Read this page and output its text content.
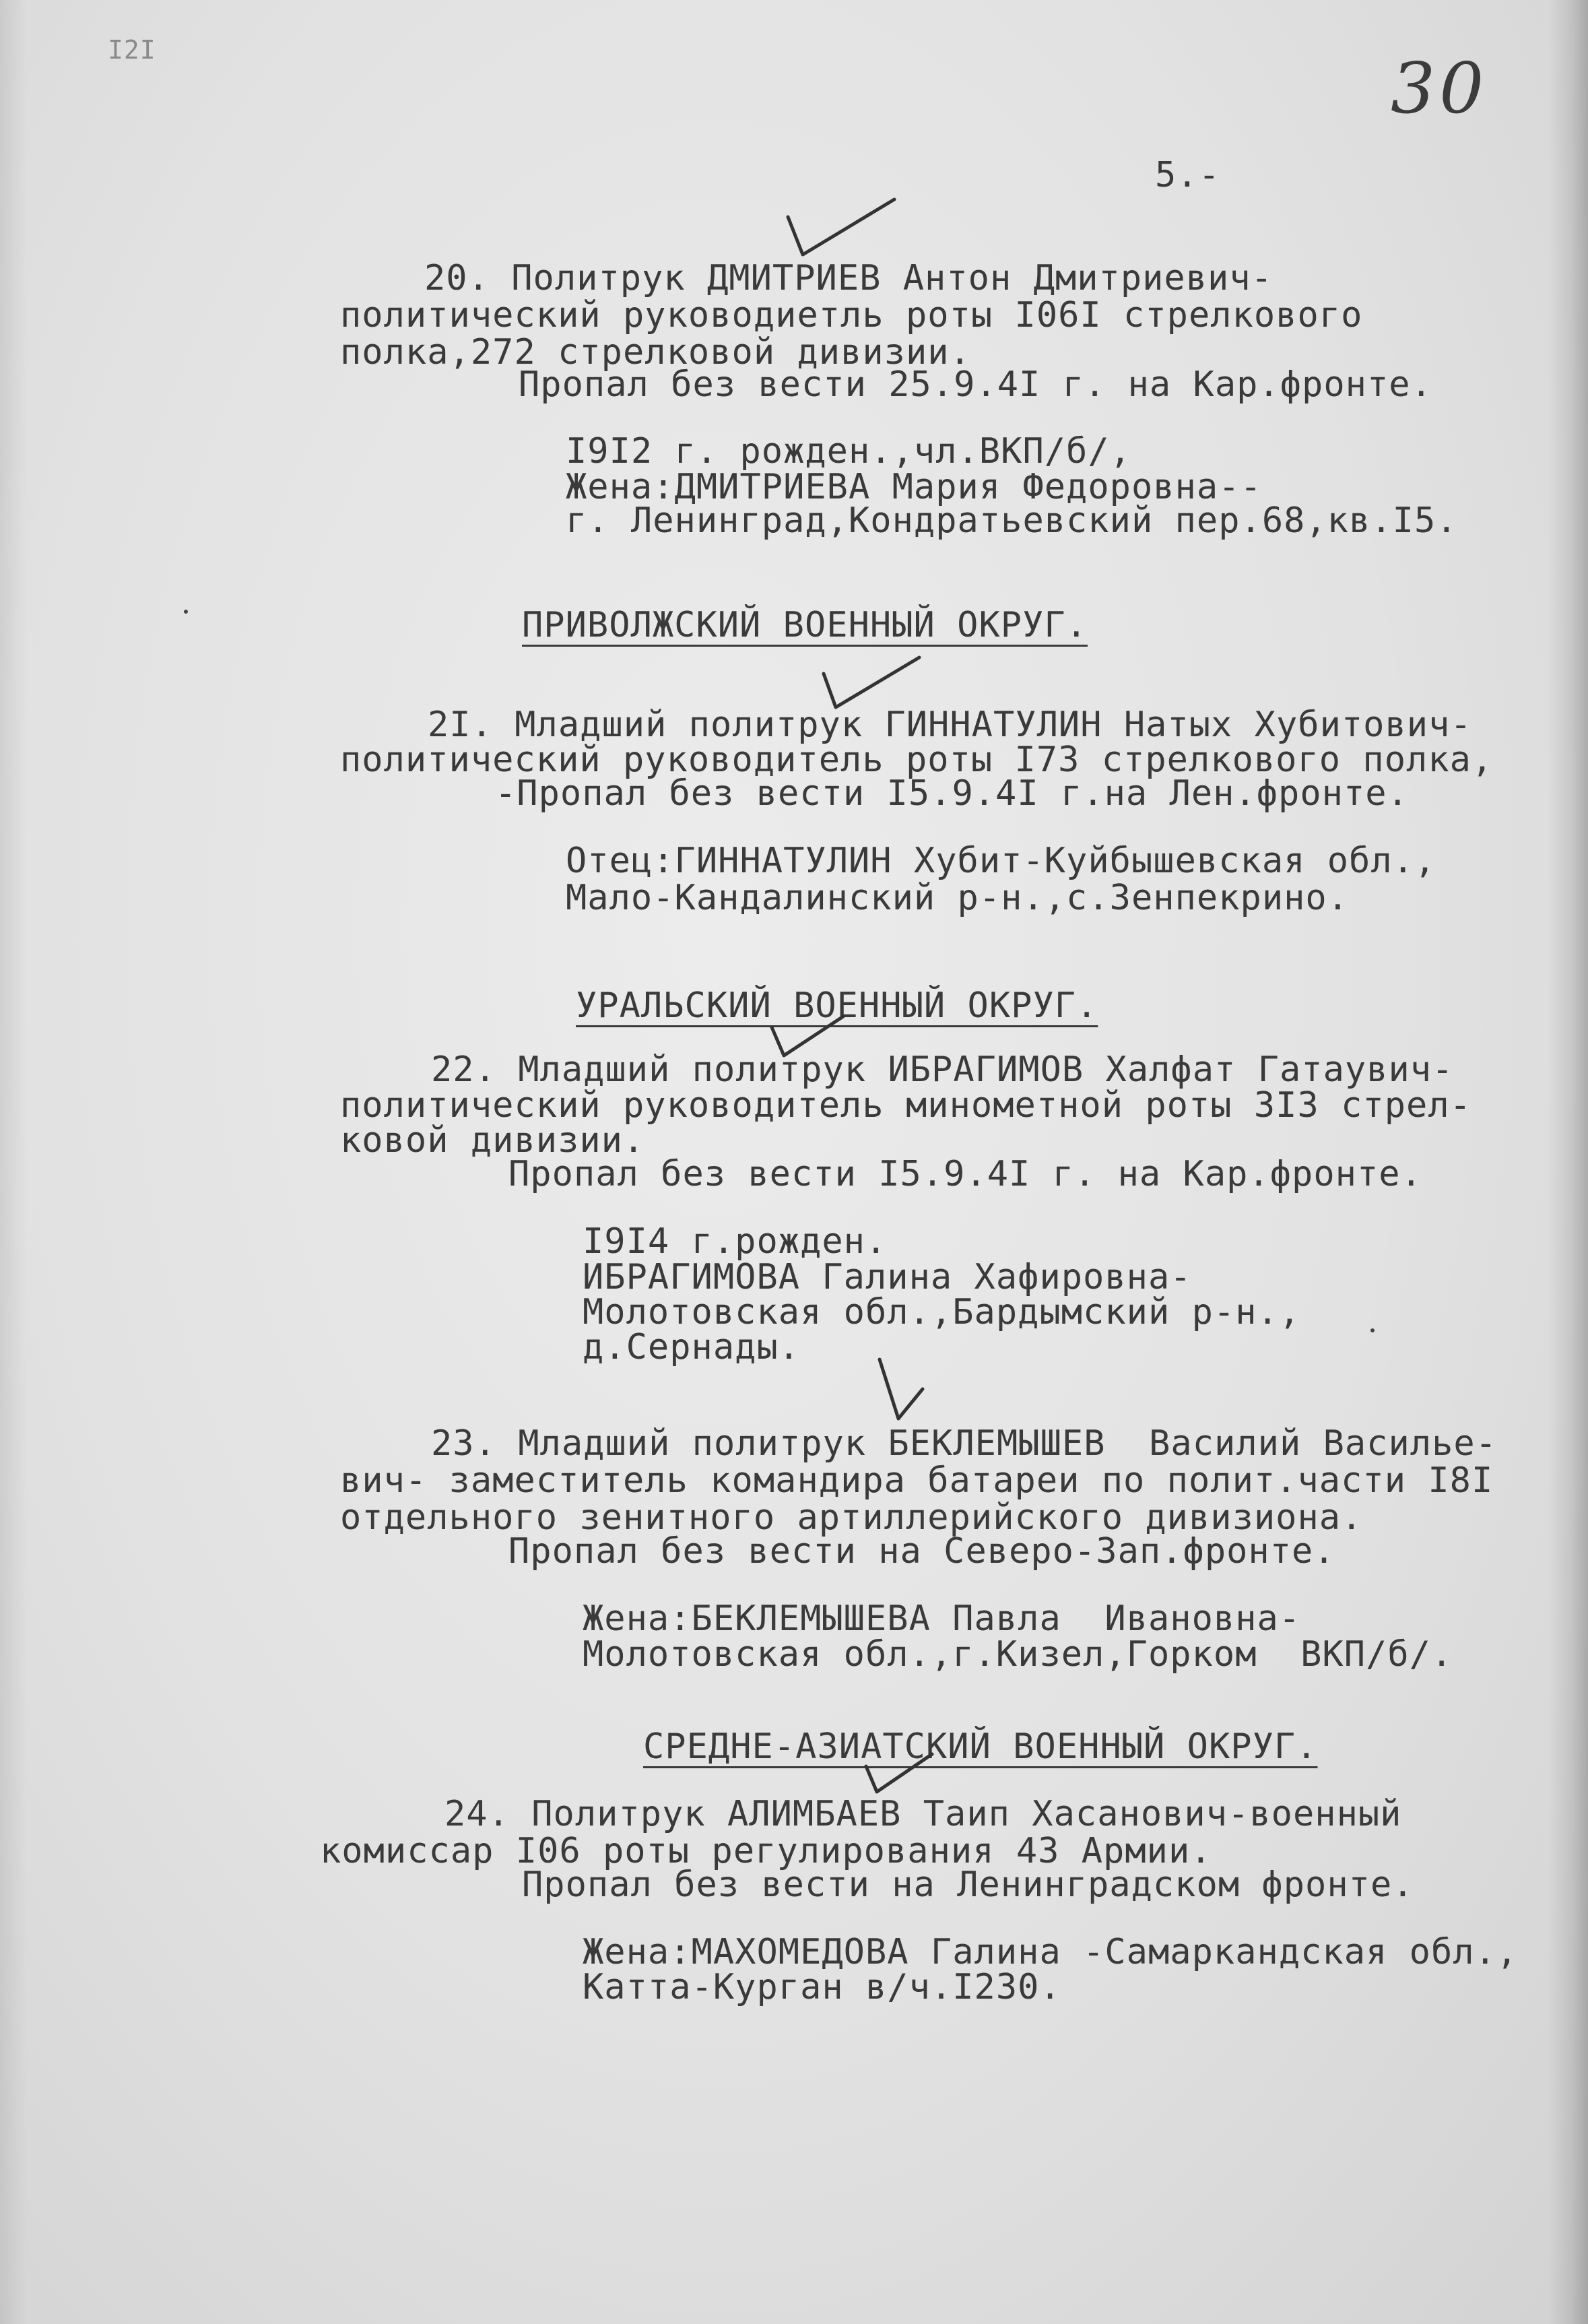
I2I	30
5.-
20. Политрук ДМИТРИЕВ Антон Дмитриевич-
политический руководиетль роты I06I стрелкового
полка,272 стрелковой дивизии.
Пропал без вести 25.9.4I г. на Кар.фронте.
I9I2 г. рожден.,чл.ВКП/б/,
Жена:ДМИТРИЕВА Мария Федоровна--
г. Ленинград,Кондратьевский пер.68,кв.I5.
ПРИВОЛЖСКИЙ ВОЕННЫЙ ОКРУГ.
2I. Младший политрук ГИННАТУЛИН Натых Хубитович-
политический руководитель роты I73 стрелкового полка,
-Пропал без вести I5.9.4I г.на Лен.фронте.
Отец:ГИННАТУЛИН Хубит-Куйбышевская обл.,
Мало-Кандалинский р-н.,с.Зенпекрино.
УРАЛЬСКИЙ ВОЕННЫЙ ОКРУГ.
22. Младший политрук ИБРАГИМОВ Халфат Гатаувич-
политический руководитель минометной роты 3I3 стрел-
ковой дивизии.
Пропал без вести I5.9.4I г. на Кар.фронте.
I9I4 г.рожден.
ИБРАГИМОВА Галина Хафировна-
Молотовская обл.,Бардымский р-н.,
д.Сернады.
23. Младший политрук БЕКЛЕМЫШЕВ  Василий Василье-
вич- заместитель командира батареи по полит.части I8I
отдельного зенитного артиллерийского дивизиона.
Пропал без вести на Северо-Зап.фронте.
Жена:БЕКЛЕМЫШЕВА Павла  Ивановна-
Молотовская обл.,г.Кизел,Горком  ВКП/б/.
СРЕДНЕ-АЗИАТСКИЙ ВОЕННЫЙ ОКРУГ.
24. Политрук АЛИМБАЕВ Таип Хасанович-военный
комиссар I06 роты регулирования 43 Армии.
Пропал без вести на Ленинградском фронте.
Жена:МАХОМЕДОВА Галина -Самаркандская обл.,
Катта-Курган в/ч.I230.
